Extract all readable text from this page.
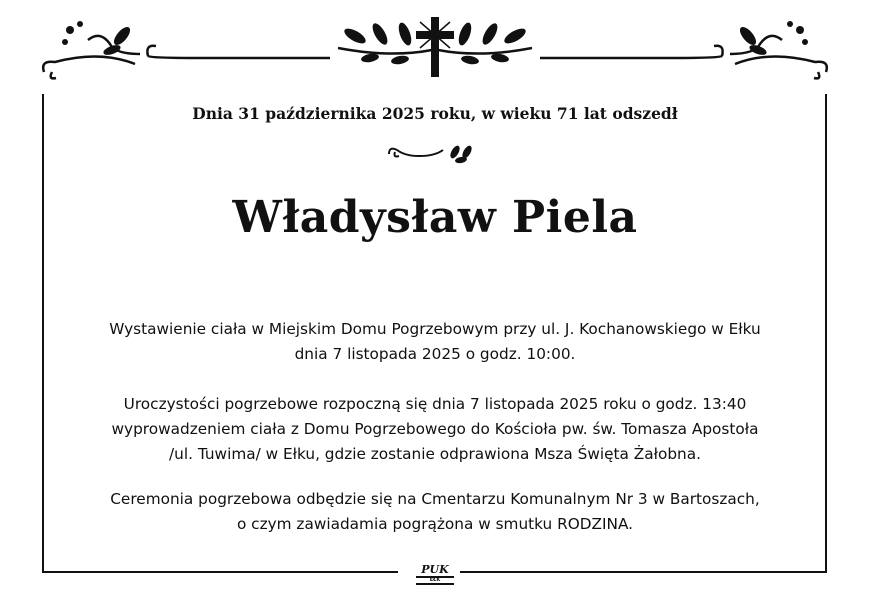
Dnia 31 października 2025 roku, w wieku 71 lat odszedł
Władysław Piela
Wystawienie ciała w Miejskim Domu Pogrzebowym przy ul. J. Kochanowskiego w Ełku
dnia 7 listopada 2025 o godz. 10:00.
Uroczystości pogrzebowe rozpoczną się dnia 7 listopada 2025 roku o godz. 13:40
wyprowadzeniem ciała z Domu Pogrzebowego do Kościoła pw. św. Tomasza Apostoła
/ul. Tuwima/ w Ełku, gdzie zostanie odprawiona Msza Święta Żałobna.
Ceremonia pogrzebowa odbędzie się na Cmentarzu Komunalnym Nr 3 w Bartoszach,
o czym zawiadamia pogrążona w smutku RODZINA.
PUK
EŁK
